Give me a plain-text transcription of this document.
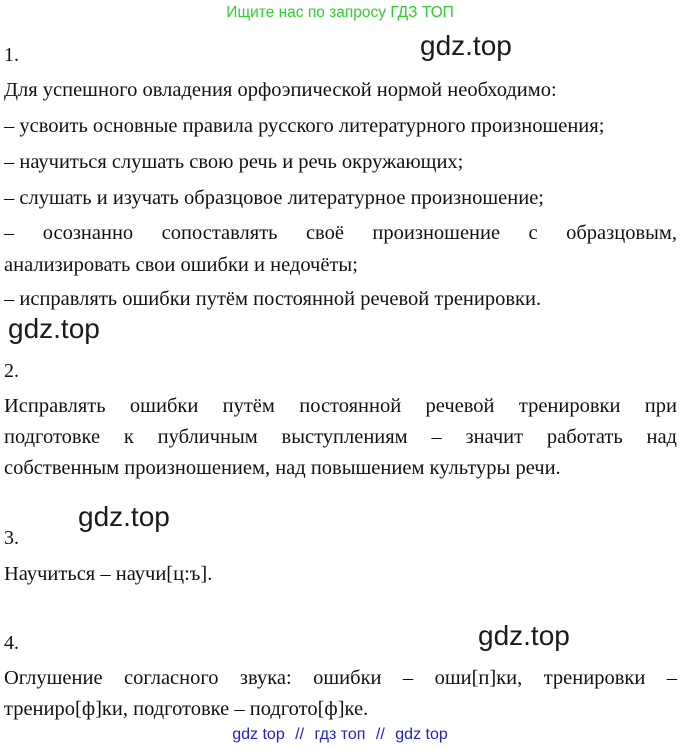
Ищите нас по запросу ГДЗ ТОП
1.	gdz.top
Для успешного овладения орфоэпической нормой необходимо:
– усвоить основные правила русского литературного произношения;
– научиться слушать свою речь и речь окружающих;
– слушать и изучать образцовое литературное произношение;

– осознанно сопоставлять своё произношение с образцовым,

анализировать свои ошибки и недочёты;
– исправлять ошибки путём постоянной речевой тренировки.
gdz.top
2.

Исправлять ошибки путём постоянной речевой тренировки при

подготовке к публичным выступлениям – значит работать над

собственным произношением, над повышением культуры речи.

gdz.top
3.
Научиться – научи[ц:ъ].
4.	gdz.top

Оглушение согласного звука: ошибки – оши[п]ки, тренировки –

трениро[ф]ки, подготовке – подгото[ф]ке.

gdz top // гдз топ // gdz top
